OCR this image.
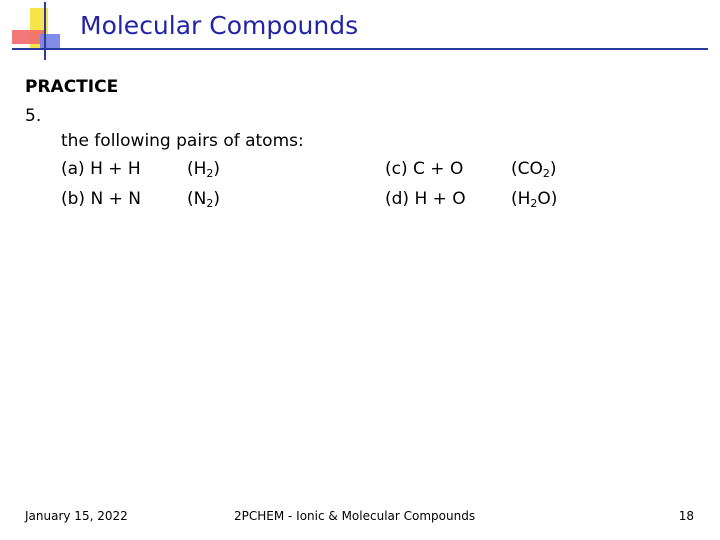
Molecular Compounds
PRACTICE
5.
the following pairs of atoms:
(a) H + H	$(H_2)$
(b) N + N	$(N_2)$
(c) C + O	$(CO_2)$
(d) H + O	$(H_2O)$
January 15, 2022	2PCHEM - Ionic & Molecular Compounds	18
